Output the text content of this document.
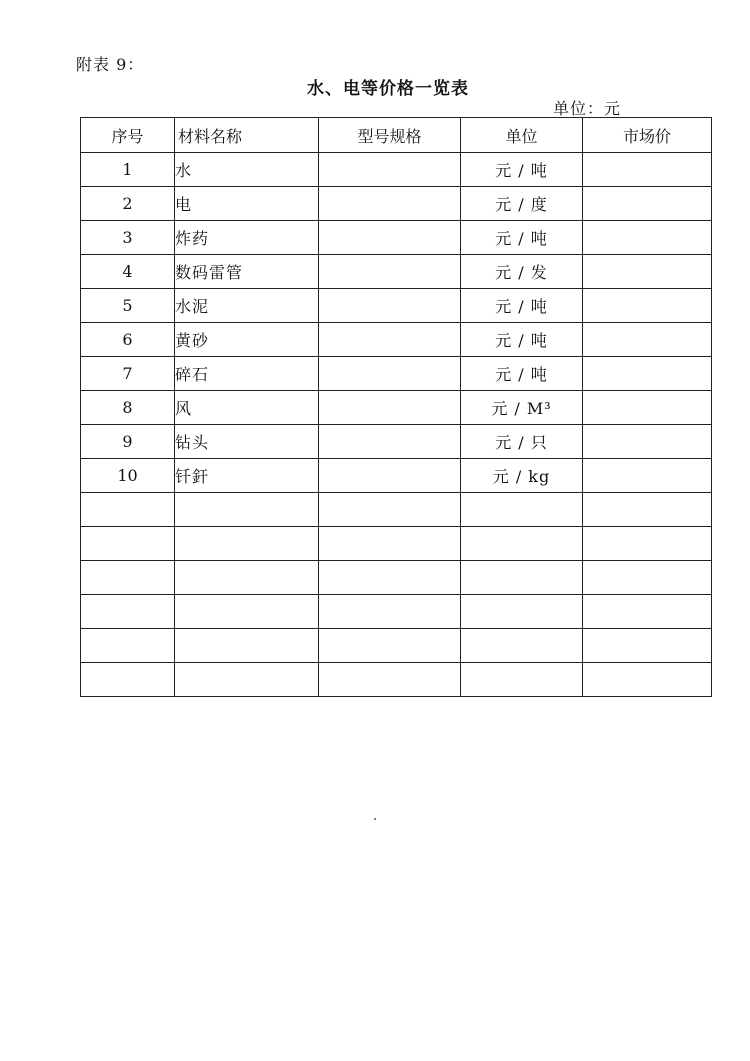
附表 9：
水、电等价格一览表
单位：元
序号	材料名称	型号规格	单位	市场价
1	水		元 / 吨	
2	电		元 / 度	
3	炸药		元 / 吨	
4	数码雷管		元 / 发	
5	水泥		元 / 吨	
6	黄砂		元 / 吨	
7	碎石		元 / 吨	
8	风		元 / M³	
9	钻头		元 / 只	
10	钎釬		元 / kg	
